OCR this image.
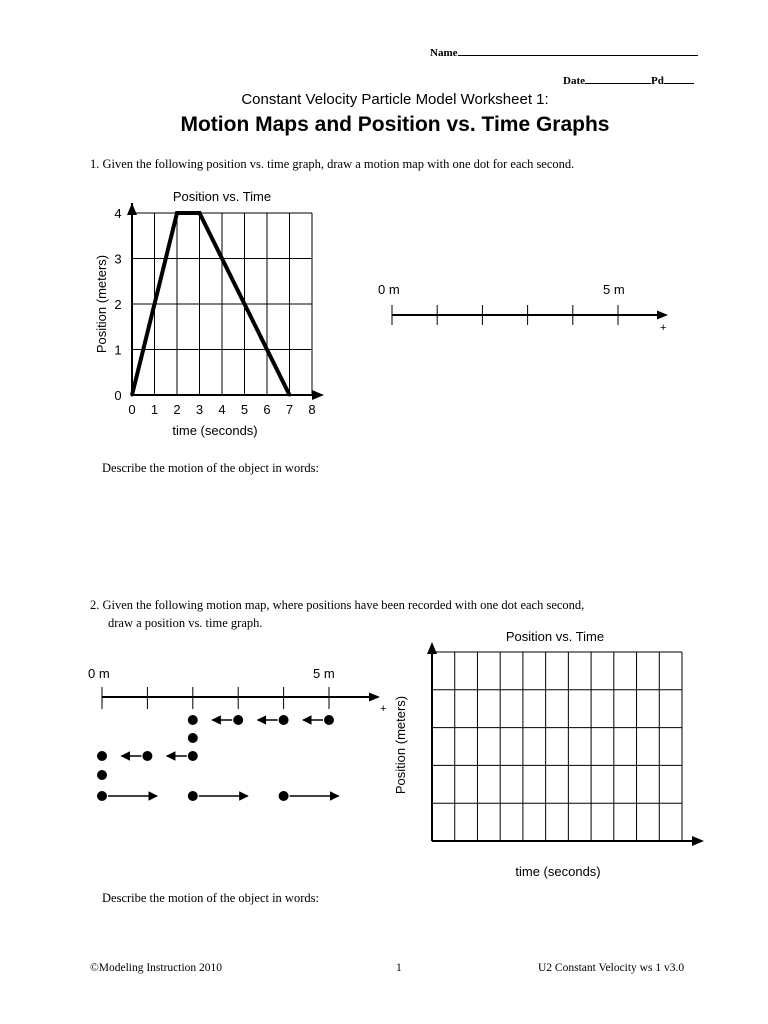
Name
Date	Pd
Constant Velocity Particle Model Worksheet 1:
Motion Maps and Position vs. Time Graphs
1. Given the following position vs. time graph, draw a motion map with one dot for each second.
Describe the motion of the object in words:
2. Given the following motion map, where positions have been recorded with one dot each second,
draw a position vs. time graph.
Describe the motion of the object in words:
©Modeling Instruction 2010	1	U2 Constant Velocity ws 1 v3.0
Position vs. Time
0 1 2 3 4 5 6 7 8
0
1
2
3
4
time (seconds)
Position (meters)	0 m	5 m
+
0 m	5 m
+
Position vs. Time
time (seconds)
Position (meters)
